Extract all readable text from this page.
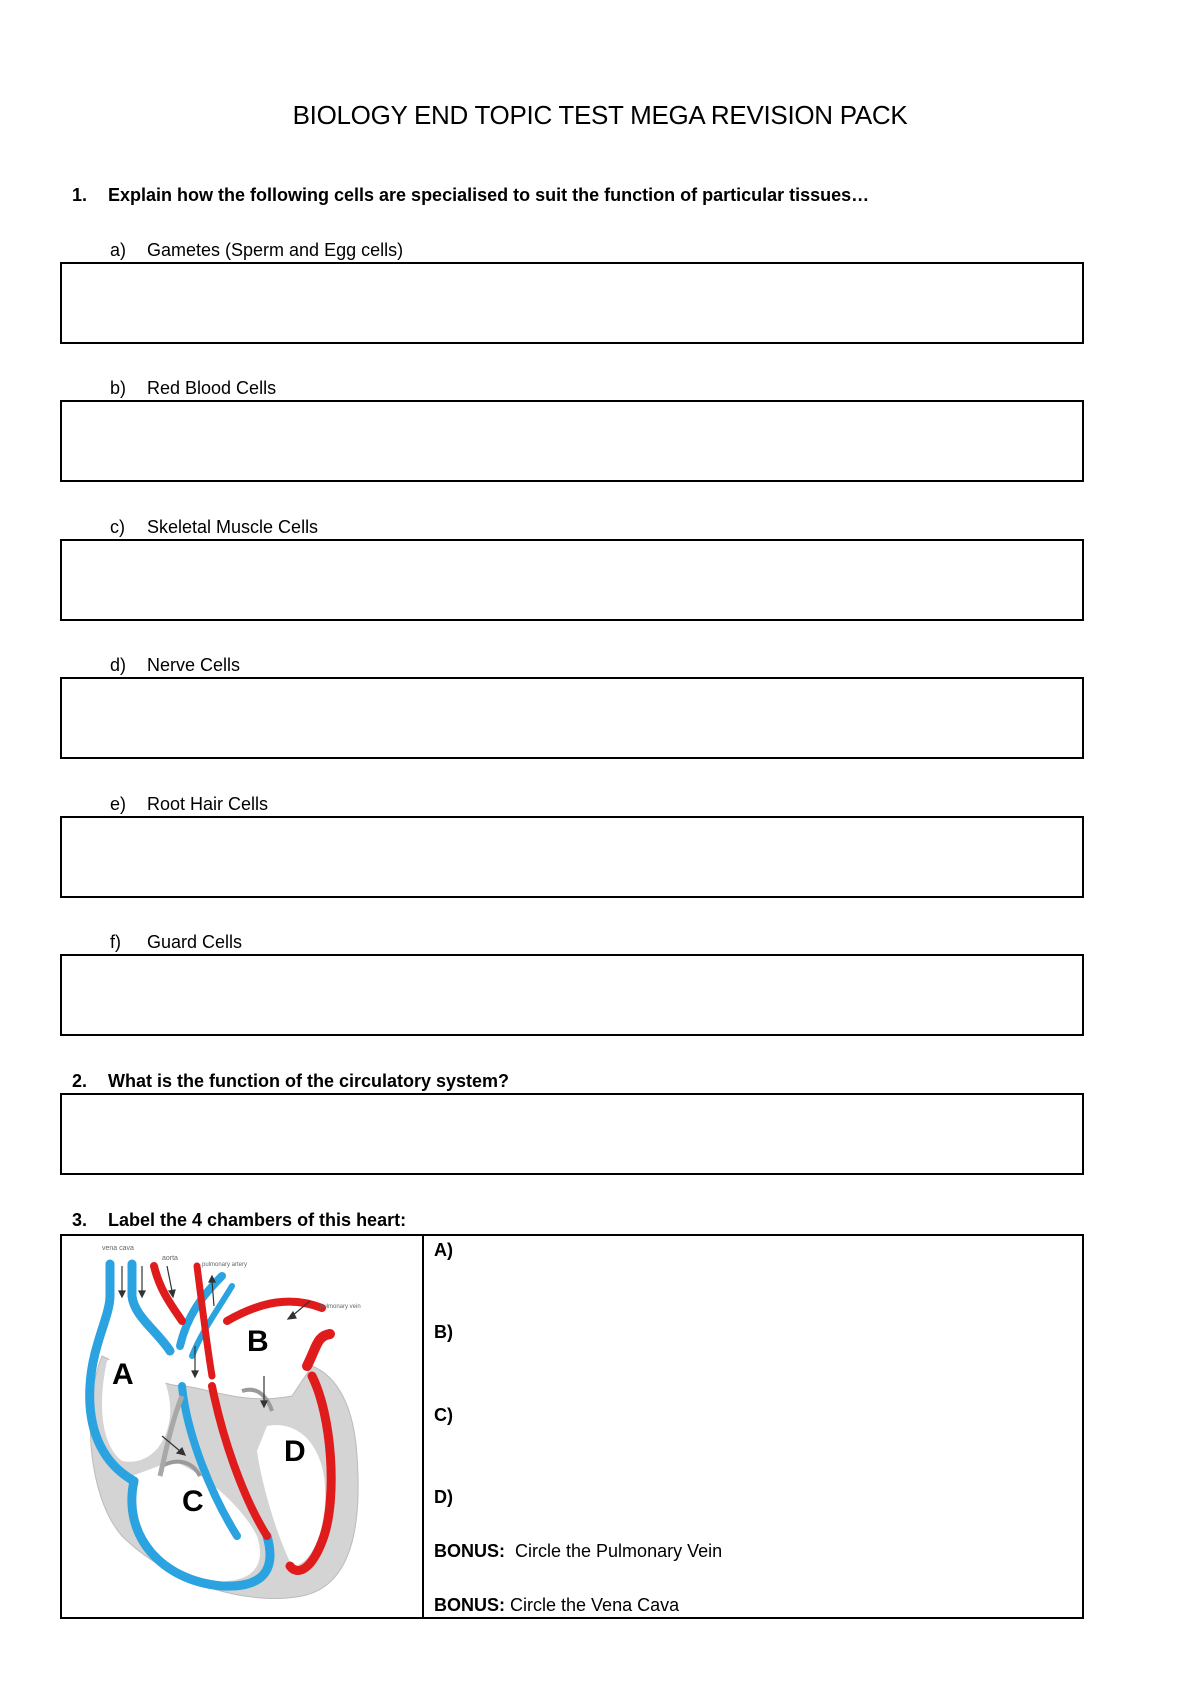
BIOLOGY END TOPIC TEST MEGA REVISION PACK
1. Explain how the following cells are specialised to suit the function of particular tissues…
a) Gametes (Sperm and Egg cells)
b) Red Blood Cells
c) Skeletal Muscle Cells
d) Nerve Cells
e) Root Hair Cells
f) Guard Cells
2. What is the function of the circulatory system?
3. Label the 4 chambers of this heart:
vena cava
aorta
pulmonary artery
pulmonary vein
A
B
C
D
A)
B)
C)
D)
BONUS: Circle the Pulmonary Vein
BONUS: Circle the Vena Cava
